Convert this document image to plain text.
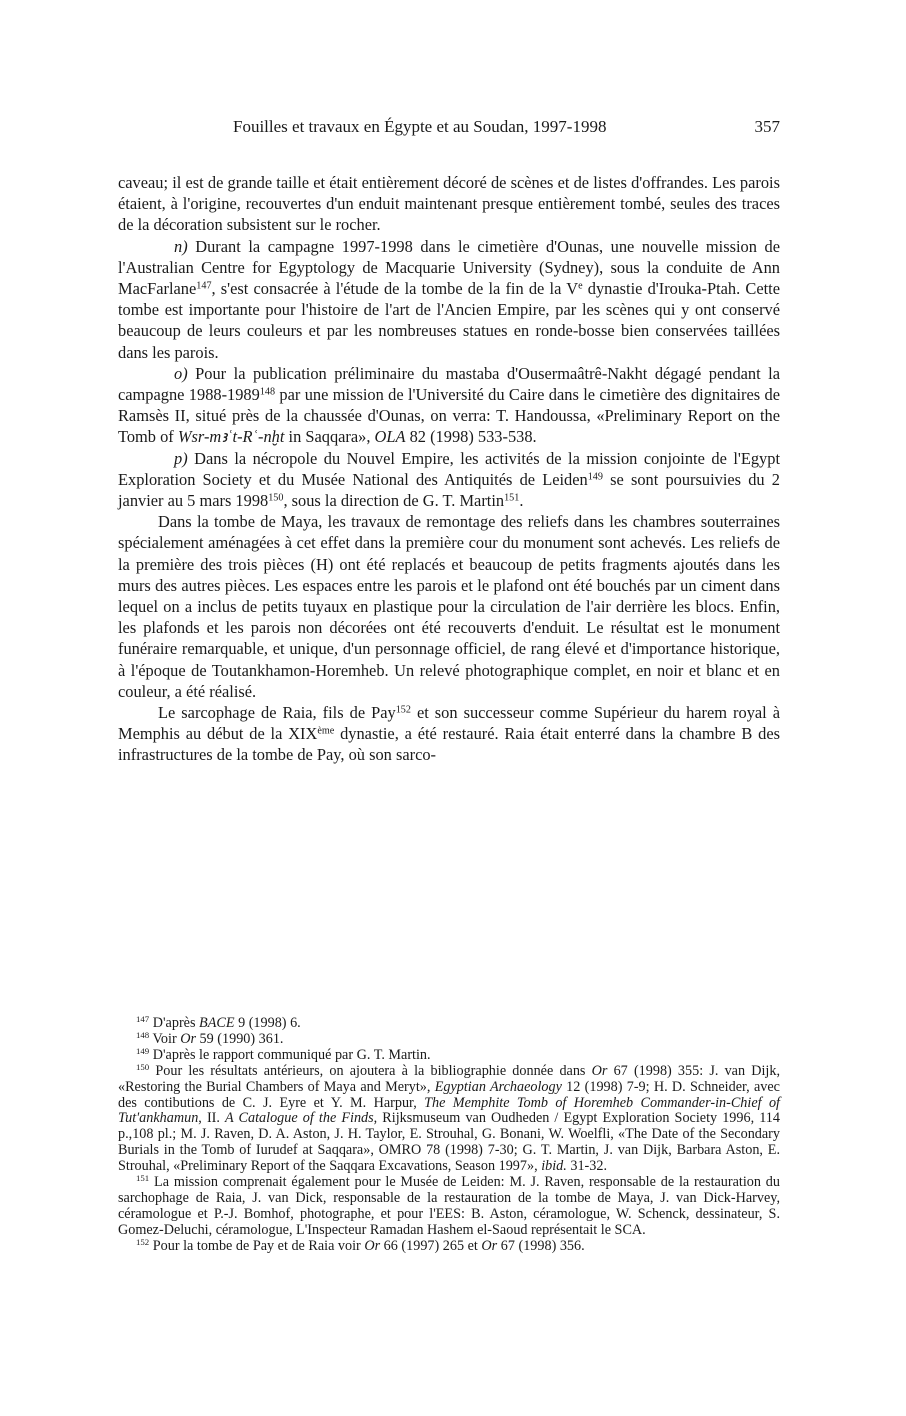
Fouilles et travaux en Égypte et au Soudan, 1997-1998	357

caveau; il est de grande taille et était entièrement décoré de scènes et de listes d'offrandes. Les parois étaient, à l'origine, recouvertes d'un enduit maintenant presque entièrement tombé, seules des traces de la décoration subsistent sur le rocher.

n) Durant la campagne 1997-1998 dans le cimetière d'Ounas, une nouvelle mission de l'Australian Centre for Egyptology de Macquarie University (Sydney), sous la conduite de Ann MacFarlane$^{147}$, s'est consacrée à l'étude de la tombe de la fin de la Ve dynastie d'Irouka-Ptah. Cette tombe est importante pour l'histoire de l'art de l'Ancien Empire, par les scènes qui y ont conservé beaucoup de leurs couleurs et par les nombreuses statues en ronde-bosse bien conservées taillées dans les parois.

o) Pour la publication préliminaire du mastaba d'Ousermaâtrê-Nakht dégagé pendant la campagne 1988-1989$^{148}$ par une mission de l'Université du Caire dans le cimetière des dignitaires de Ramsès II, situé près de la chaussée d'Ounas, on verra: T. Handoussa, «Preliminary Report on the Tomb of Wsr-mꜣʿt-Rʿ-nḫt in Saqqara», OLA 82 (1998) 533-538.

p) Dans la nécropole du Nouvel Empire, les activités de la mission conjointe de l'Egypt Exploration Society et du Musée National des Antiquités de Leiden$^{149}$ se sont poursuivies du 2 janvier au 5 mars 1998$^{150}$, sous la direction de G. T. Martin$^{151}$.

Dans la tombe de Maya, les travaux de remontage des reliefs dans les chambres souterraines spécialement aménagées à cet effet dans la première cour du monument sont achevés. Les reliefs de la première des trois pièces (H) ont été replacés et beaucoup de petits fragments ajoutés dans les murs des autres pièces. Les espaces entre les parois et le plafond ont été bouchés par un ciment dans lequel on a inclus de petits tuyaux en plastique pour la circulation de l'air derrière les blocs. Enfin, les plafonds et les parois non décorées ont été recouverts d'enduit. Le résultat est le monument funéraire remarquable, et unique, d'un personnage officiel, de rang élevé et d'importance historique, à l'époque de Toutankhamon-Horemheb. Un relevé photographique complet, en noir et blanc et en couleur, a été réalisé.

Le sarcophage de Raia, fils de Pay$^{152}$ et son successeur comme Supérieur du harem royal à Memphis au début de la XIXème dynastie, a été restauré. Raia était enterré dans la chambre B des infrastructures de la tombe de Pay, où son sarco-

$^{147}$ D'après BACE 9 (1998) 6.

$^{148}$ Voir Or 59 (1990) 361.

$^{149}$ D'après le rapport communiqué par G. T. Martin.

$^{150}$ Pour les résultats antérieurs, on ajoutera à la bibliographie donnée dans Or 67 (1998) 355: J. van Dijk, «Restoring the Burial Chambers of Maya and Meryt», Egyptian Archaeology 12 (1998) 7-9; H. D. Schneider, avec des contibutions de C. J. Eyre et Y. M. Harpur, The Memphite Tomb of Horemheb Commander-in-Chief of Tut'ankhamun, II. A Catalogue of the Finds, Rijksmuseum van Oudheden / Egypt Exploration Society 1996, 114 p.,108 pl.; M. J. Raven, D. A. Aston, J. H. Taylor, E. Strouhal, G. Bonani, W. Woelfli, «The Date of the Secondary Burials in the Tomb of Iurudef at Saqqara», OMRO 78 (1998) 7-30; G. T. Martin, J. van Dijk, Barbara Aston, E. Strouhal, «Preliminary Report of the Saqqara Excavations, Season 1997», ibid. 31-32.

$^{151}$ La mission comprenait également pour le Musée de Leiden: M. J. Raven, responsable de la restauration du sarchophage de Raia, J. van Dick, responsable de la restauration de la tombe de Maya, J. van Dick-Harvey, céramologue et P.-J. Bomhof, photographe, et pour l'EES: B. Aston, céramologue, W. Schenck, dessinateur, S. Gomez-Deluchi, céramologue, L'Inspecteur Ramadan Hashem el-Saoud représentait le SCA.

$^{152}$ Pour la tombe de Pay et de Raia voir Or 66 (1997) 265 et Or 67 (1998) 356.
